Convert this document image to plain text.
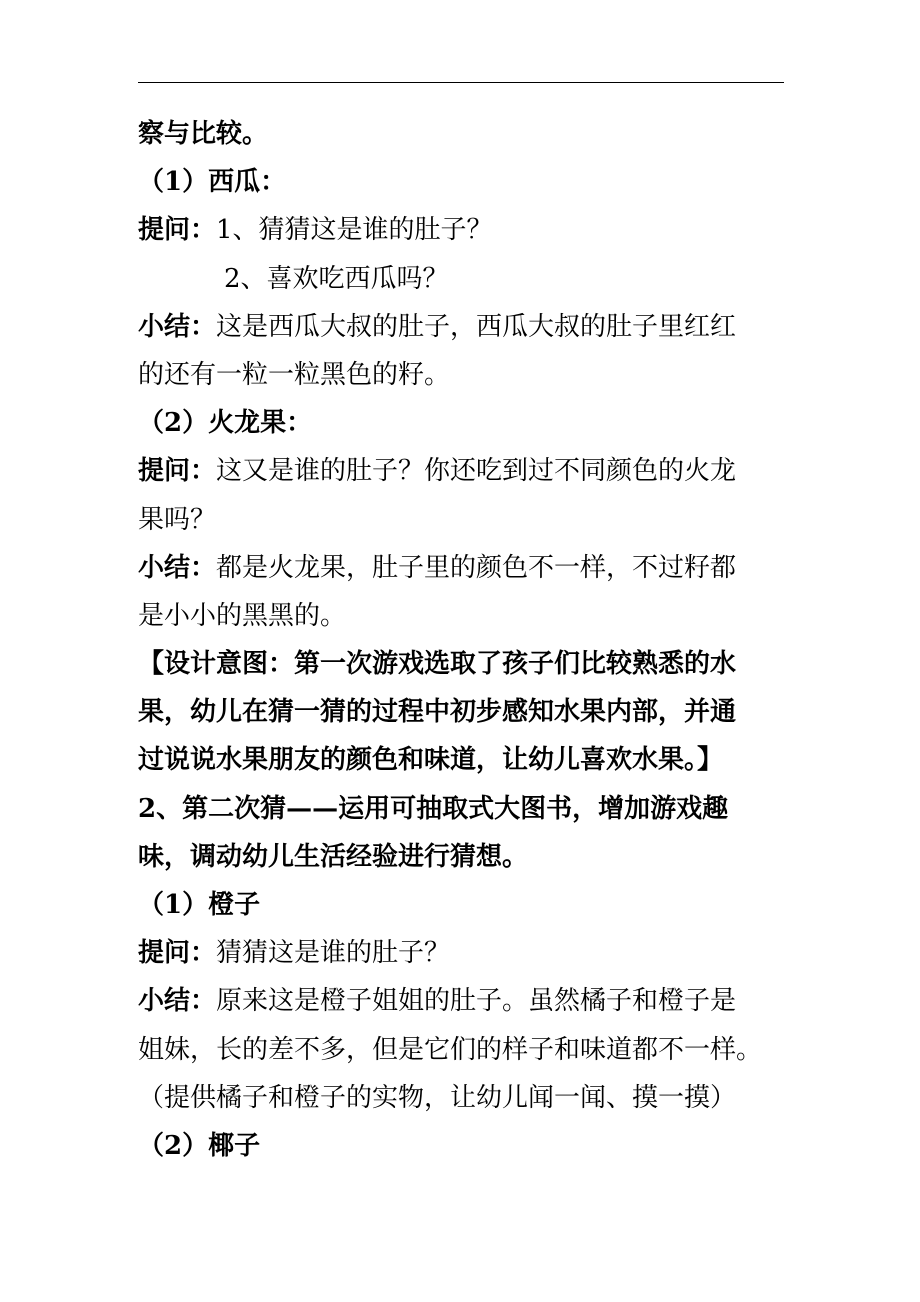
察与比较。
（1）西瓜：
提问：1、猜猜这是谁的肚子？
2、喜欢吃西瓜吗？
小结：这是西瓜大叔的肚子，西瓜大叔的肚子里红红
的还有一粒一粒黑色的籽。
（2）火龙果：
提问：这又是谁的肚子？你还吃到过不同颜色的火龙
果吗？
小结：都是火龙果，肚子里的颜色不一样，不过籽都
是小小的黑黑的。
【设计意图：第一次游戏选取了孩子们比较熟悉的水
果，幼儿在猜一猜的过程中初步感知水果内部，并通
过说说水果朋友的颜色和味道，让幼儿喜欢水果。】
2、第二次猜——运用可抽取式大图书，增加游戏趣
味，调动幼儿生活经验进行猜想。
（1）橙子
提问：猜猜这是谁的肚子？
小结：原来这是橙子姐姐的肚子。虽然橘子和橙子是
姐妹，长的差不多，但是它们的样子和味道都不一样。
（提供橘子和橙子的实物，让幼儿闻一闻、摸一摸）
（2）椰子
